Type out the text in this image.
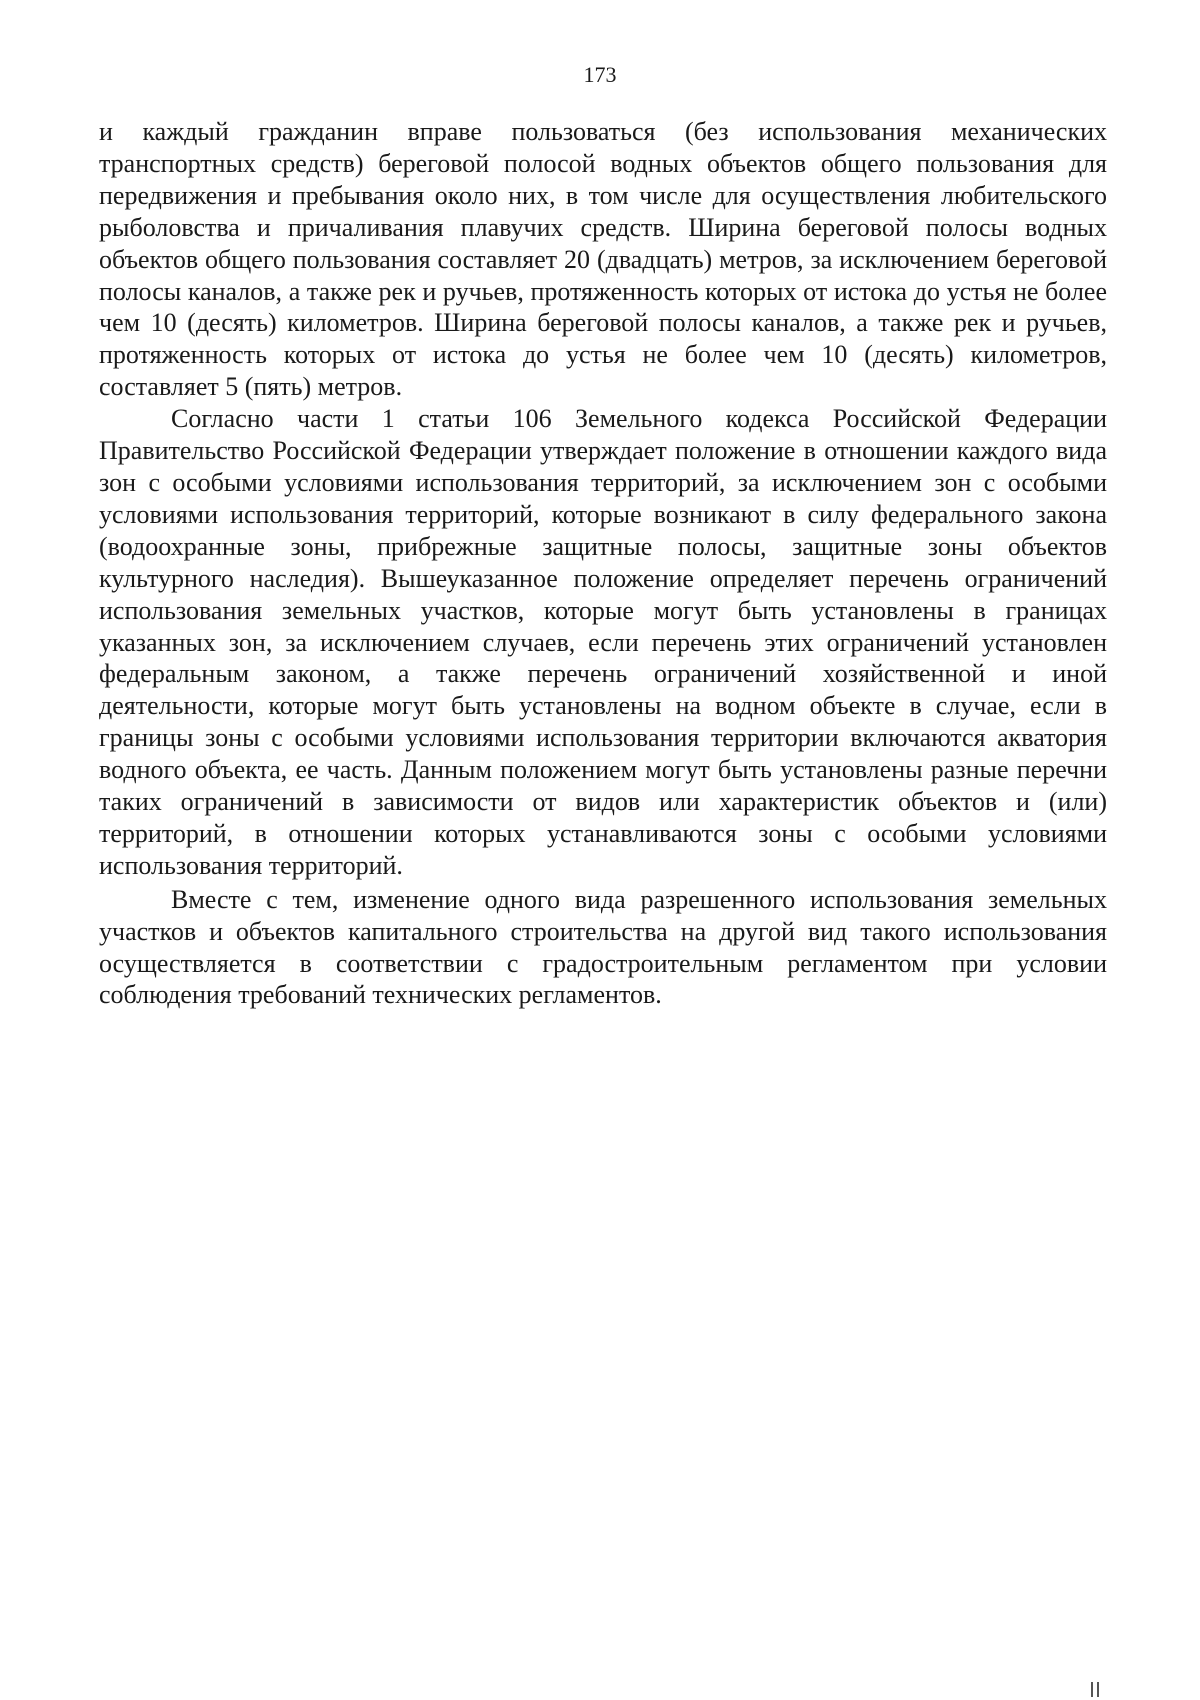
173

и каждый гражданин вправе пользоваться (без использования механических транспортных средств) береговой полосой водных объектов общего пользования для передвижения и пребывания около них, в том числе для осуществления любительского рыболовства и причаливания плавучих средств. Ширина береговой полосы водных объектов общего пользования составляет 20 (двадцать) метров, за исключением береговой полосы каналов, а также рек и ручьев, протяженность которых от истока до устья не более чем 10 (десять) километров. Ширина береговой полосы каналов, а также рек и ручьев, протяженность которых от истока до устья не более чем 10 (десять) километров, составляет 5 (пять) метров.

Согласно части 1 статьи 106 Земельного кодекса Российской Федерации Правительство Российской Федерации утверждает положение в отношении каждого вида зон с особыми условиями использования территорий, за исключением зон с особыми условиями использования территорий, которые возникают в силу федерального закона (водоохранные зоны, прибрежные защитные полосы, защитные зоны объектов культурного наследия). Вышеуказанное положение определяет перечень ограничений использования земельных участков, которые могут быть установлены в границах указанных зон, за исключением случаев, если перечень этих ограничений установлен федеральным законом, а также перечень ограничений хозяйственной и иной деятельности, которые могут быть установлены на водном объекте в случае, если в границы зоны с особыми условиями использования территории включаются акватория водного объекта, ее часть. Данным положением могут быть установлены разные перечни таких ограничений в зависимости от видов или характеристик объектов и (или) территорий, в отношении которых устанавливаются зоны с особыми условиями использования территорий.

Вместе с тем, изменение одного вида разрешенного использования земельных участков и объектов капитального строительства на другой вид такого использования осуществляется в соответствии с градостроительным регламентом при условии соблюдения требований технических регламентов.
